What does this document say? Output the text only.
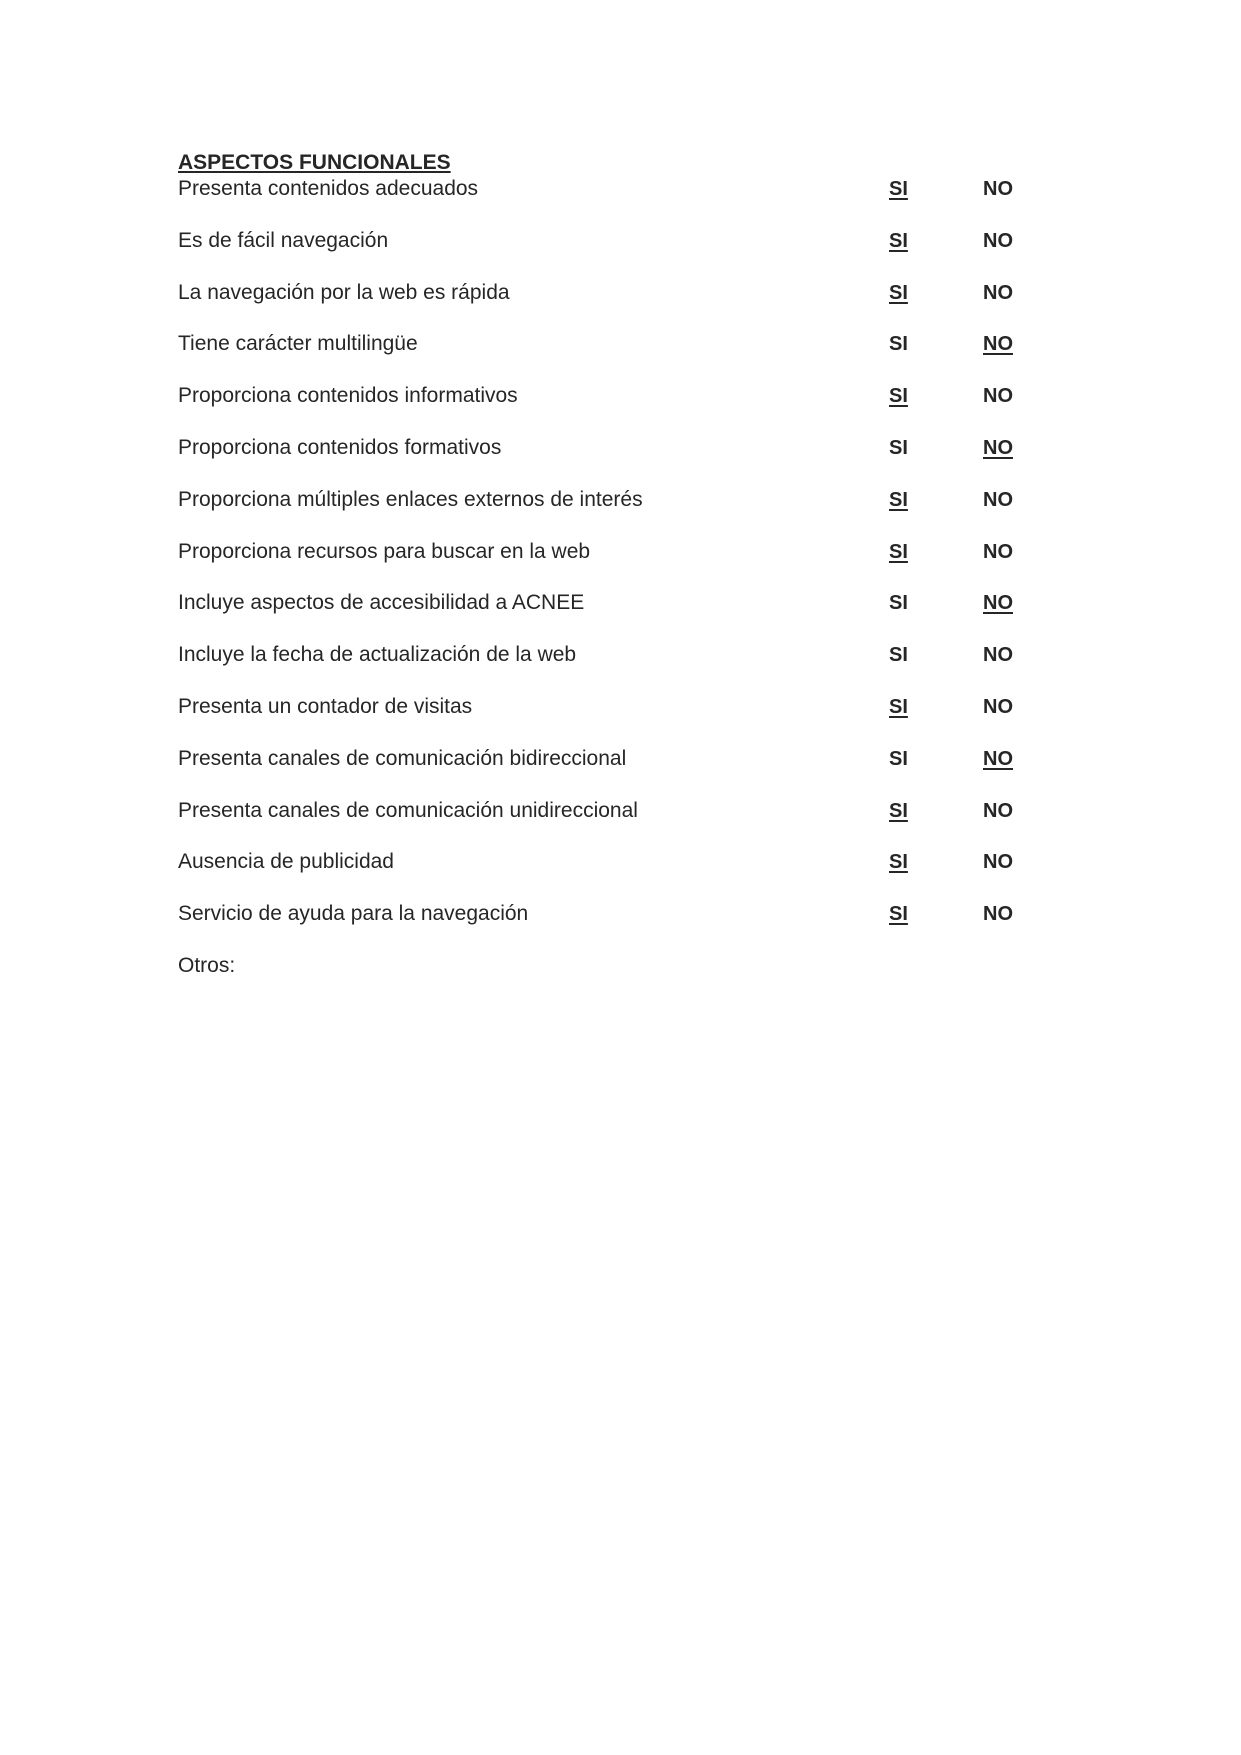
ASPECTOS FUNCIONALES
Presenta contenidos adecuados	SI	NO
Es de fácil navegación	SI	NO
La navegación por la web es rápida	SI	NO
Tiene carácter multilingüe	SI	NO
Proporciona contenidos informativos	SI	NO
Proporciona contenidos formativos	SI	NO
Proporciona múltiples enlaces externos de interés	SI	NO
Proporciona recursos para buscar en la web	SI	NO
Incluye aspectos de accesibilidad a ACNEE	SI	NO
Incluye la fecha de actualización de la web	SI	NO
Presenta un contador de visitas	SI	NO
Presenta canales de comunicación bidireccional	SI	NO
Presenta canales de comunicación unidireccional	SI	NO
Ausencia de publicidad	SI	NO
Servicio de ayuda para la navegación	SI	NO
Otros:
